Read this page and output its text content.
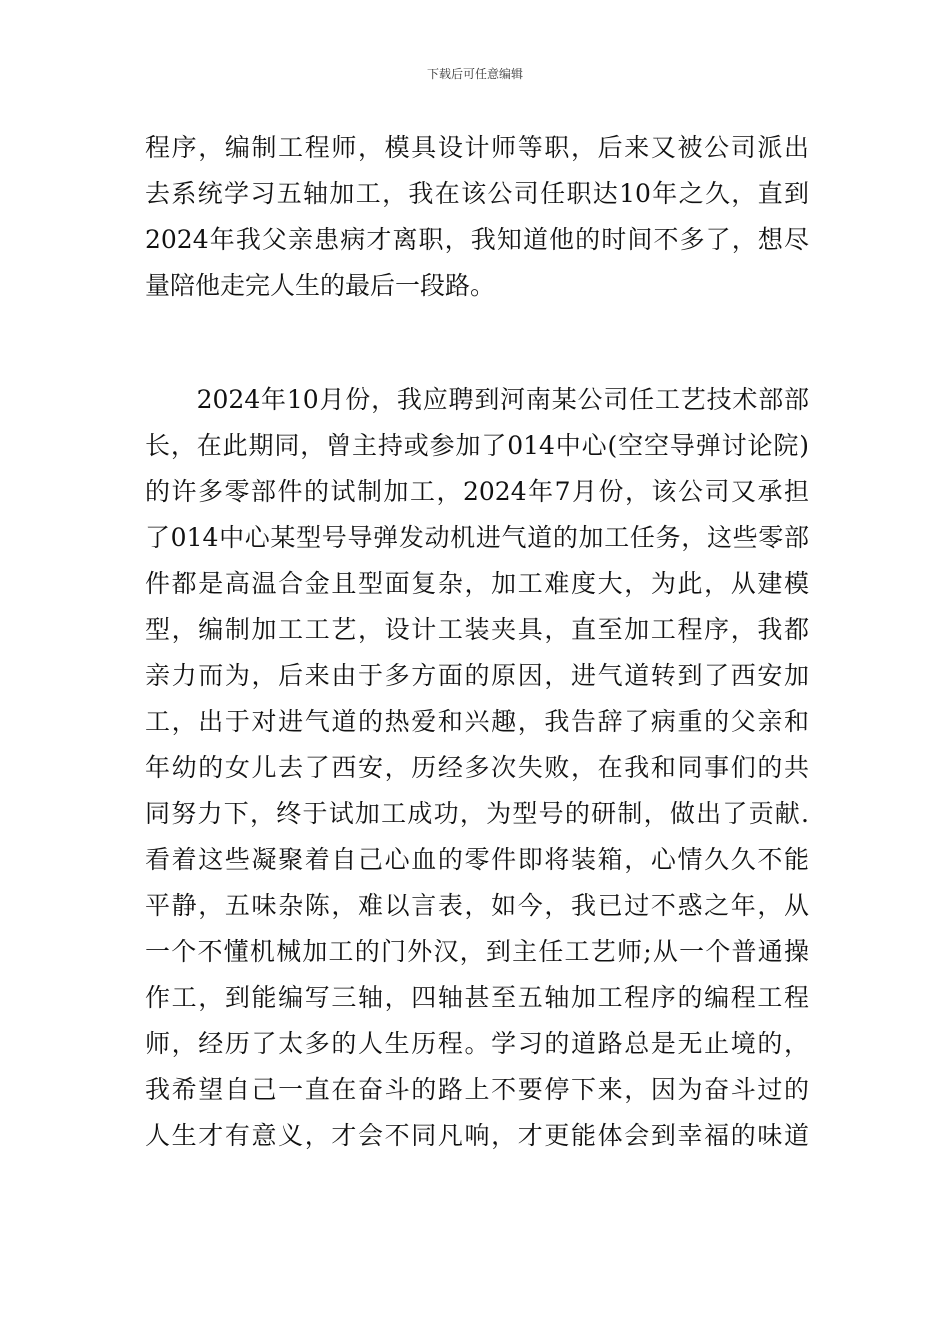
下载后可任意编辑
程序，编制工程师，模具设计师等职，后来又被公司派出
去系统学习五轴加工，我在该公司任职达10年之久，直到
2024年我父亲患病才离职，我知道他的时间不多了，想尽
量陪他走完人生的最后一段路。
　　2024年10月份，我应聘到河南某公司任工艺技术部部
长，在此期同，曾主持或参加了014中心(空空导弹讨论院)
的许多零部件的试制加工，2024年7月份，该公司又承担
了014中心某型号导弹发动机进气道的加工任务，这些零部
件都是高温合金且型面复杂，加工难度大，为此，从建模
型，编制加工工艺，设计工装夹具，直至加工程序，我都
亲力而为，后来由于多方面的原因，进气道转到了西安加
工，出于对进气道的热爱和兴趣，我告辞了病重的父亲和
年幼的女儿去了西安，历经多次失败，在我和同事们的共
同努力下，终于试加工成功，为型号的研制，做出了贡献.
看着这些凝聚着自己心血的零件即将装箱，心情久久不能
平静，五味杂陈，难以言表，如今，我已过不惑之年，从
一个不懂机械加工的门外汉，到主任工艺师;从一个普通操
作工，到能编写三轴，四轴甚至五轴加工程序的编程工程
师，经历了太多的人生历程。学习的道路总是无止境的，
我希望自己一直在奋斗的路上不要停下来，因为奋斗过的
人生才有意义，才会不同凡响，才更能体会到幸福的味道
